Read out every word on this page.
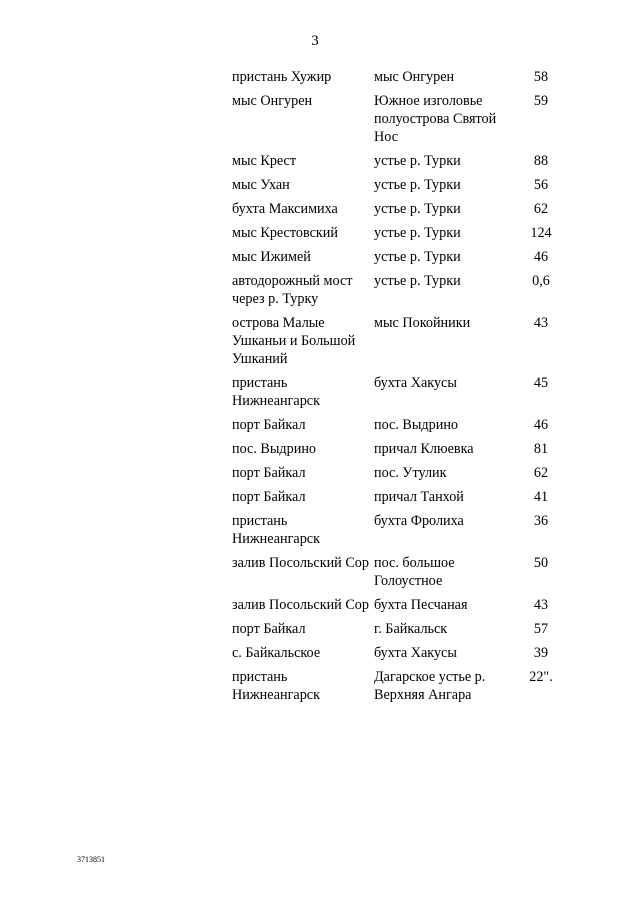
3
пристань Хужир	мыс Онгурен	58
мыс Онгурен	Южное изголовье полуострова Святой Нос	59
мыс Крест	устье р. Турки	88
мыс Ухан	устье р. Турки	56
бухта Максимиха	устье р. Турки	62
мыс Крестовский	устье р. Турки	124
мыс Ижимей	устье р. Турки	46
автодорожный мост через р. Турку	устье р. Турки	0,6
острова Малые Ушканьи и Большой Ушканий	мыс Покойники	43
пристань Нижнеангарск	бухта Хакусы	45
порт Байкал	пос. Выдрино	46
пос. Выдрино	причал Клюевка	81
порт Байкал	пос. Утулик	62
порт Байкал	причал Танхой	41
пристань Нижнеангарск	бухта Фролиха	36
залив Посольский Сор	пос. большое Голоустное	50
залив Посольский Сор	бухта Песчаная	43
порт Байкал	г. Байкальск	57
с. Байкальское	бухта Хакусы	39
пристань Нижнеангарск	Дагарское устье р. Верхняя Ангара	22".
3713851
